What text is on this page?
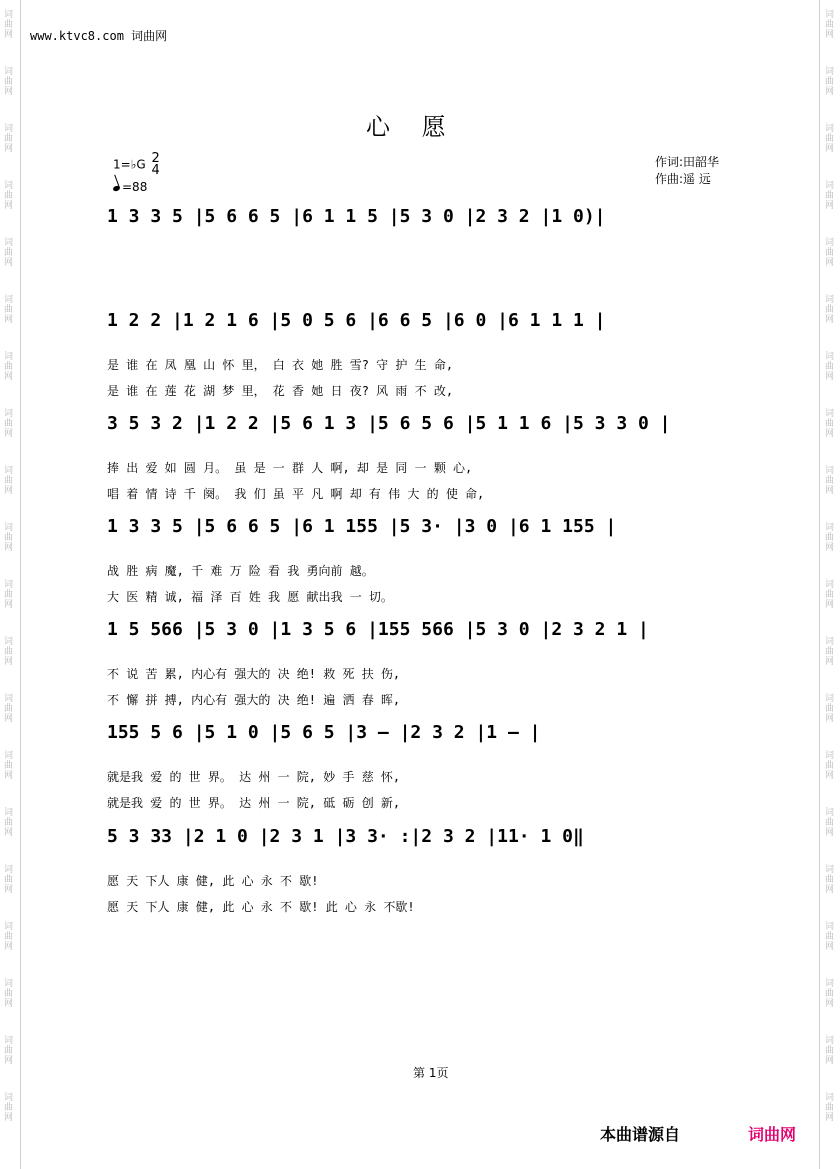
词
曲
网
词
曲
网
词
曲
网
词
曲
网
词
曲
网
词
曲
网
词
曲
网
词
曲
网
词
曲
网
词
曲
网
词
曲
网
词
曲
网
词
曲
网
词
曲
网
词
曲
网
词
曲
网
词
曲
网
词
曲
网
词
曲
网
词
曲
网
词
曲
网
词
曲
网
词
曲
网
词
曲
网
词
曲
网
词
曲
网
词
曲
网
词
曲
网
词
曲
网
词
曲
网
词
曲
网
词
曲
网
词
曲
网
词
曲
网
词
曲
网
词
曲
网
词
曲
网
词
曲
网
词
曲
网
词
曲
网
www.ktvc8.com 词曲网
心 愿
1=♭G 2
4
=88
作词:田韶华
作曲:遥 远
1 3 3 5 |5 6 6 5 |6 1 1 5 |5 3 0 |2 3 2 |1 0)|
1 2 2 |1 2 1 6 |5 0 5 6 |6 6 5 |6 0 |6 1 1 1 |
是 谁 在 凤 凰 山 怀 里， 白 衣 她 胜 雪? 守 护 生 命,
是 谁 在 莲 花 湖 梦 里， 花 香 她 日 夜? 风 雨 不 改,
3 5 3 2 |1 2 2 |5 6 1 3 |5 6 5 6 |5 1 1 6 |5 3 3 0 |
捧 出 爱 如 圆 月。 虽 是 一 群 人 啊, 却 是 同 一 颗 心,
唱 着 情 诗 千 阕。 我 们 虽 平 凡 啊 却 有 伟 大 的 使 命,
1 3 3 5 |5 6 6 5 |6 1 155 |5 3· |3 0 |6 1 155 |
战 胜 病 魔, 千 难 万 险 看 我 勇向前 越。
大 医 精 诚, 福 泽 百 姓 我 愿 献出我 一 切。
1 5 566 |5 3 0 |1 3 5 6 |155 566 |5 3 0 |2 3 2 1 |
不 说 苦 累, 内心有 强大的 决 绝! 救 死 扶 伤,
不 懈 拼 搏, 内心有 强大的 决 绝! 遍 洒 春 晖,
155 5 6 |5 1 0 |5 6 5 |3 — |2 3 2 |1 — |
就是我 爱 的 世 界。 达 州 一 院, 妙 手 慈 怀,
就是我 爱 的 世 界。 达 州 一 院, 砥 砺 创 新,
5 3 33 |2 1 0 |2 3 1 |3 3· :|2 3 2 |11· 1 0‖
愿 天 下人 康 健, 此 心 永 不 歇!
愿 天 下人 康 健, 此 心 永 不 歇! 此 心 永 不歇!
第 1页
本曲谱源自	词曲网
